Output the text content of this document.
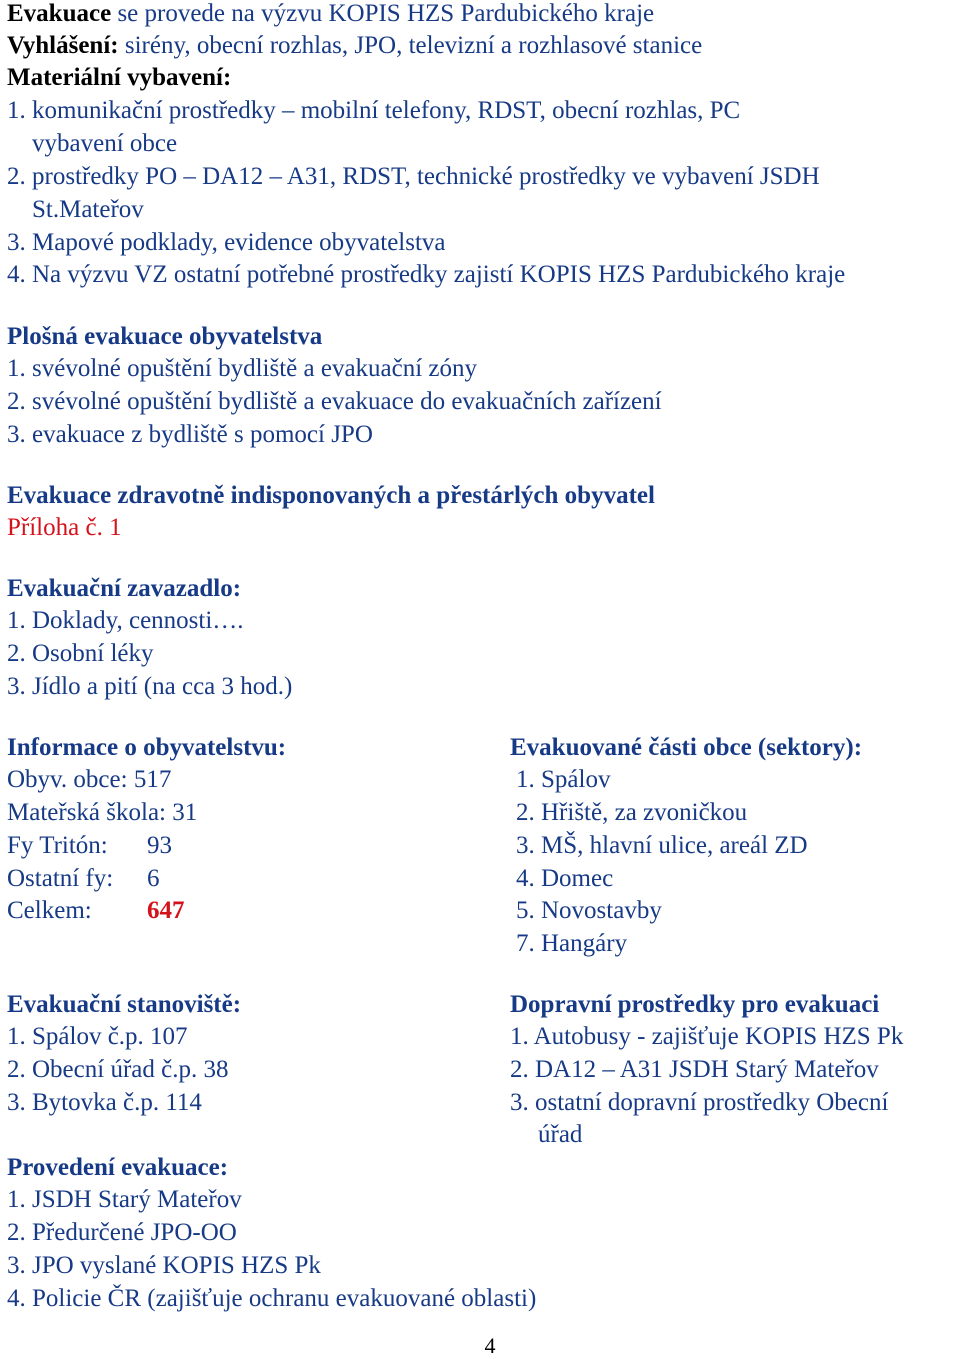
Evakuace se provede na výzvu KOPIS HZS Pardubického kraje
Vyhlášení: sirény, obecní rozhlas, JPO, televizní a rozhlasové stanice
Materiální vybavení:
1. komunikační prostředky – mobilní telefony, RDST, obecní rozhlas, PC
vybavení obce
2. prostředky PO – DA12 – A31, RDST, technické prostředky ve vybavení JSDH
St.Mateřov
3. Mapové podklady, evidence obyvatelstva
4. Na výzvu VZ ostatní potřebné prostředky zajistí KOPIS HZS Pardubického kraje
Plošná evakuace obyvatelstva
1. svévolné opuštění bydliště a evakuační zóny
2. svévolné opuštění bydliště a evakuace do evakuačních zařízení
3. evakuace z bydliště s pomocí JPO
Evakuace zdravotně indisponovaných a přestárlých obyvatel
Příloha č. 1
Evakuační zavazadlo:
1. Doklady, cennosti….
2. Osobní léky
3. Jídlo a pití (na cca 3 hod.)
Informace o obyvatelstvu:
Obyv. obce: 517
Mateřská škola: 31
Fy Tritón: 93
Ostatní fy: 6
Celkem: 647
Evakuované části obce (sektory):
1. Spálov
2. Hřiště, za zvoničkou
3. MŠ, hlavní ulice, areál ZD
4. Domec
5. Novostavby
7. Hangáry
Evakuační stanoviště:
1. Spálov č.p. 107
2. Obecní úřad č.p. 38
3. Bytovka č.p. 114
Dopravní prostředky pro evakuaci
1. Autobusy - zajišťuje KOPIS HZS Pk
2. DA12 – A31 JSDH Starý Mateřov
3. ostatní dopravní prostředky Obecní
úřad
Provedení evakuace:
1. JSDH Starý Mateřov
2. Předurčené JPO-OO
3. JPO vyslané KOPIS HZS Pk
4. Policie ČR (zajišťuje ochranu evakuované oblasti)
4
